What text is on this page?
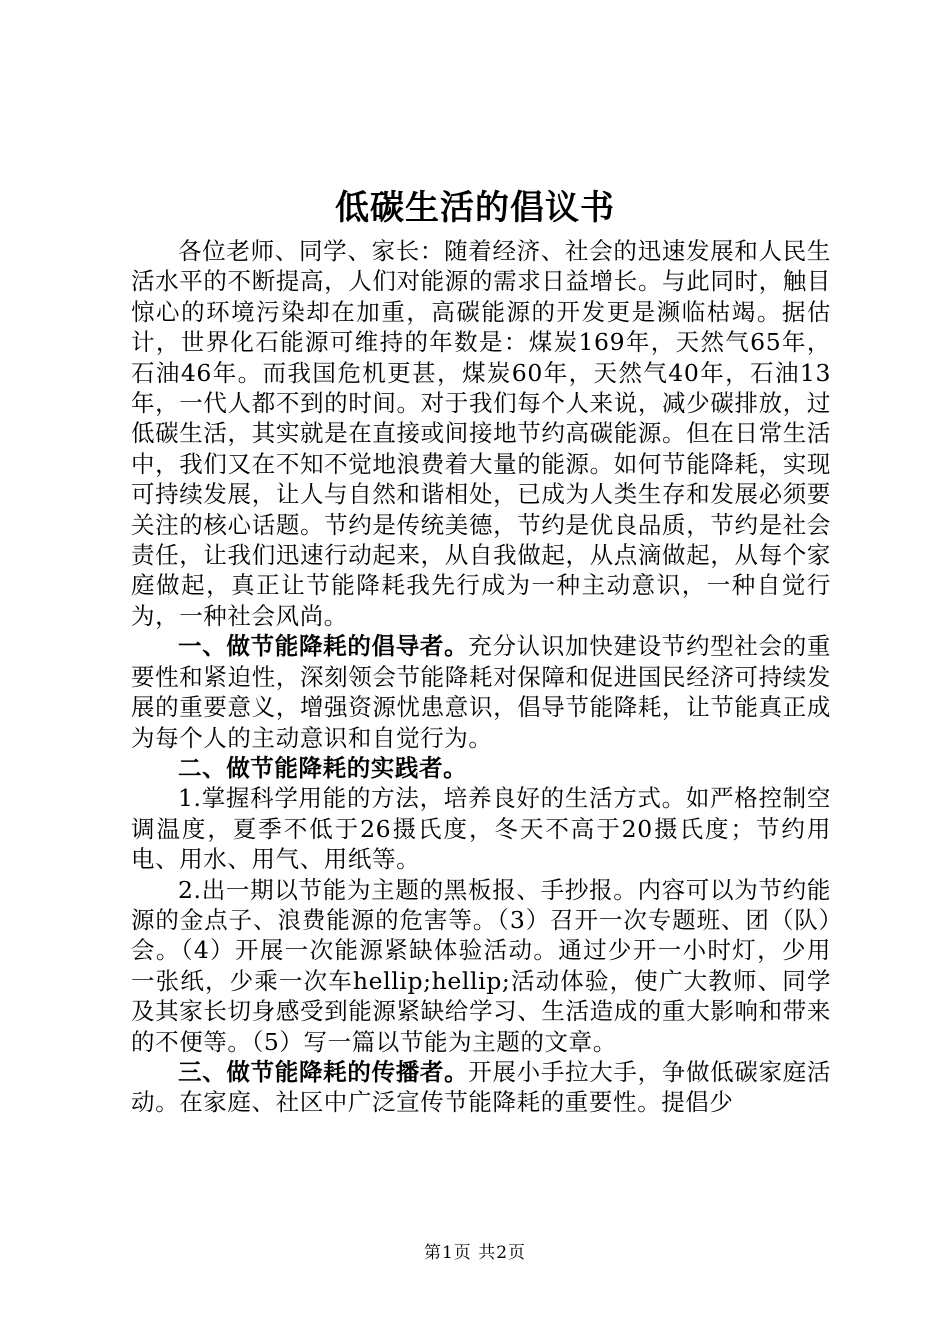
低碳生活的倡议书

各位老师、同学、家长：随着经济、社会的迅速发展和人民生活水平的不断提高，人们对能源的需求日益增长。与此同时，触目惊心的环境污染却在加重，高碳能源的开发更是濒临枯竭。据估计，世界化石能源可维持的年数是：煤炭169年，天然气65年，石油46年。而我国危机更甚，煤炭60年，天然气40年，石油13年，一代人都不到的时间。对于我们每个人来说，减少碳排放，过低碳生活，其实就是在直接或间接地节约高碳能源。但在日常生活中，我们又在不知不觉地浪费着大量的能源。如何节能降耗，实现可持续发展，让人与自然和谐相处，已成为人类生存和发展必须要关注的核心话题。节约是传统美德，节约是优良品质，节约是社会责任，让我们迅速行动起来，从自我做起，从点滴做起，从每个家庭做起，真正让节能降耗我先行成为一种主动意识，一种自觉行为，一种社会风尚。

一、做节能降耗的倡导者。充分认识加快建设节约型社会的重要性和紧迫性，深刻领会节能降耗对保障和促进国民经济可持续发展的重要意义，增强资源忧患意识，倡导节能降耗，让节能真正成为每个人的主动意识和自觉行为。

二、做节能降耗的实践者。

1.掌握科学用能的方法，培养良好的生活方式。如严格控制空调温度，夏季不低于26摄氏度，冬天不高于20摄氏度；节约用电、用水、用气、用纸等。

2.出一期以节能为主题的黑板报、手抄报。内容可以为节约能源的金点子、浪费能源的危害等。（3）召开一次专题班、团（队）会。（4）开展一次能源紧缺体验活动。通过少开一小时灯，少用一张纸，少乘一次车hellip;hellip;活动体验，使广大教师、同学及其家长切身感受到能源紧缺给学习、生活造成的重大影响和带来的不便等。（5）写一篇以节能为主题的文章。

三、做节能降耗的传播者。开展小手拉大手，争做低碳家庭活动。在家庭、社区中广泛宣传节能降耗的重要性。提倡少

第1页 共2页
